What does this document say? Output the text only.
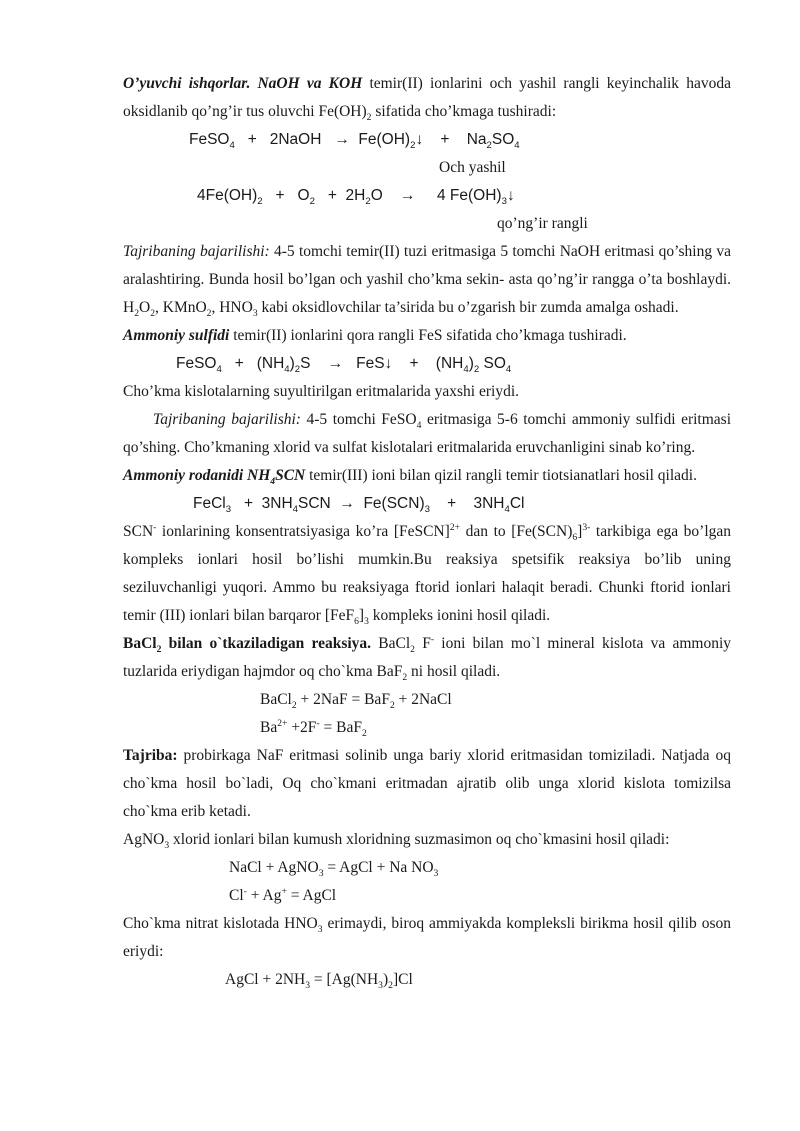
O’yuvchi ishqorlar. NaOH va KOH temir(II) ionlarini och yashil rangli keyinchalik havoda oksidlanib qo’ng’ir tus oluvchi $Fe(OH)_2$ sifatida cho’kmaga tushiradi:

FeSO$_4$   +   2NaOH   →  $Fe(OH)_2↓$    +    $Na_2SO_4$

Och yashil

$4Fe(OH)_2 + O_2 + 2H_2O$    →     4 $Fe(OH)_3↓$

qo’ng’ir rangli

Tajribaning bajarilishi: 4-5 tomchi temir(II) tuzi eritmasiga 5 tomchi NaOH eritmasi qo’shing va aralashtiring. Bunda hosil bo’lgan och yashil cho’kma sekin- asta qo’ng’ir rangga o’ta boshlaydi. $H_2O_2$, KMnO$_2$, $HNO_3$ kabi oksidlovchilar ta’sirida bu o’zgarish bir zumda amalga oshadi.

Ammoniy sulfidi temir(II) ionlarini qora rangli FeS sifatida cho’kmaga tushiradi.

FeSO$_4$   +   $(NH_4)_2S$    →   FeS↓    +    $(NH_4)_2$ $SO_4$

Cho’kma kislotalarning suyultirilgan eritmalarida yaxshi eriydi.

Tajribaning bajarilishi: 4-5 tomchi FeSO$_4$ eritmasiga 5-6 tomchi ammoniy sulfidi eritmasi qo’shing. Cho’kmaning xlorid va sulfat kislotalari eritmalarida eruvchanligini sinab ko’ring.

Ammoniy rodanidi $NH_4SCN$ temir(III) ioni bilan qizil rangli temir tiotsianatlari hosil qiladi.

FeCl$_3$   +  $3NH_4SCN \to Fe(SCN)_3$    +    $3NH_4Cl$

SCN- ionlarining konsentratsiyasiga ko’ra [FeSCN]$^{2+}$ dan to $[Fe(SCN)_6]^{3-}$ tarkibiga ega bo’lgan kompleks ionlari hosil bo’lishi mumkin.Bu reaksiya spetsifik reaksiya bo’lib uning seziluvchanligi yuqori. Ammo bu reaksiyaga ftorid ionlari halaqit beradi. Chunki ftorid ionlari temir (III) ionlari bilan barqaror $[FeF_6]_3$ kompleks ionini hosil qiladi.

BaCl$_2$ bilan o`tkaziladigan reaksiya. BaCl$_2$ F- ioni bilan mo`l mineral kislota va ammoniy tuzlarida eriydigan hajmdor oq cho`kma BaF$_2$ ni hosil qiladi.

BaCl$_2$ + 2NaF = BaF$_2$ + 2NaCl

$Ba^{2+} +2F^- = BaF_2$

Tajriba: probirkaga NaF eritmasi solinib unga bariy xlorid eritmasidan tomiziladi. Natjada oq cho`kma hosil bo`ladi, Oq cho`kmani eritmadan ajratib olib unga xlorid kislota tomizilsa cho`kma erib ketadi.

AgNO$_3$ xlorid ionlari bilan kumush xloridning suzmasimon oq cho`kmasini hosil qiladi:

NaCl + AgNO$_3$ = AgCl + Na $NO_3$

Cl- + Ag+ = AgCl

Cho`kma nitrat kislotada $HNO_3$ erimaydi, biroq ammiyakda kompleksli birikma hosil qilib oson eriydi:

AgCl + $2NH_3 = [Ag(NH_3)_2]Cl$
